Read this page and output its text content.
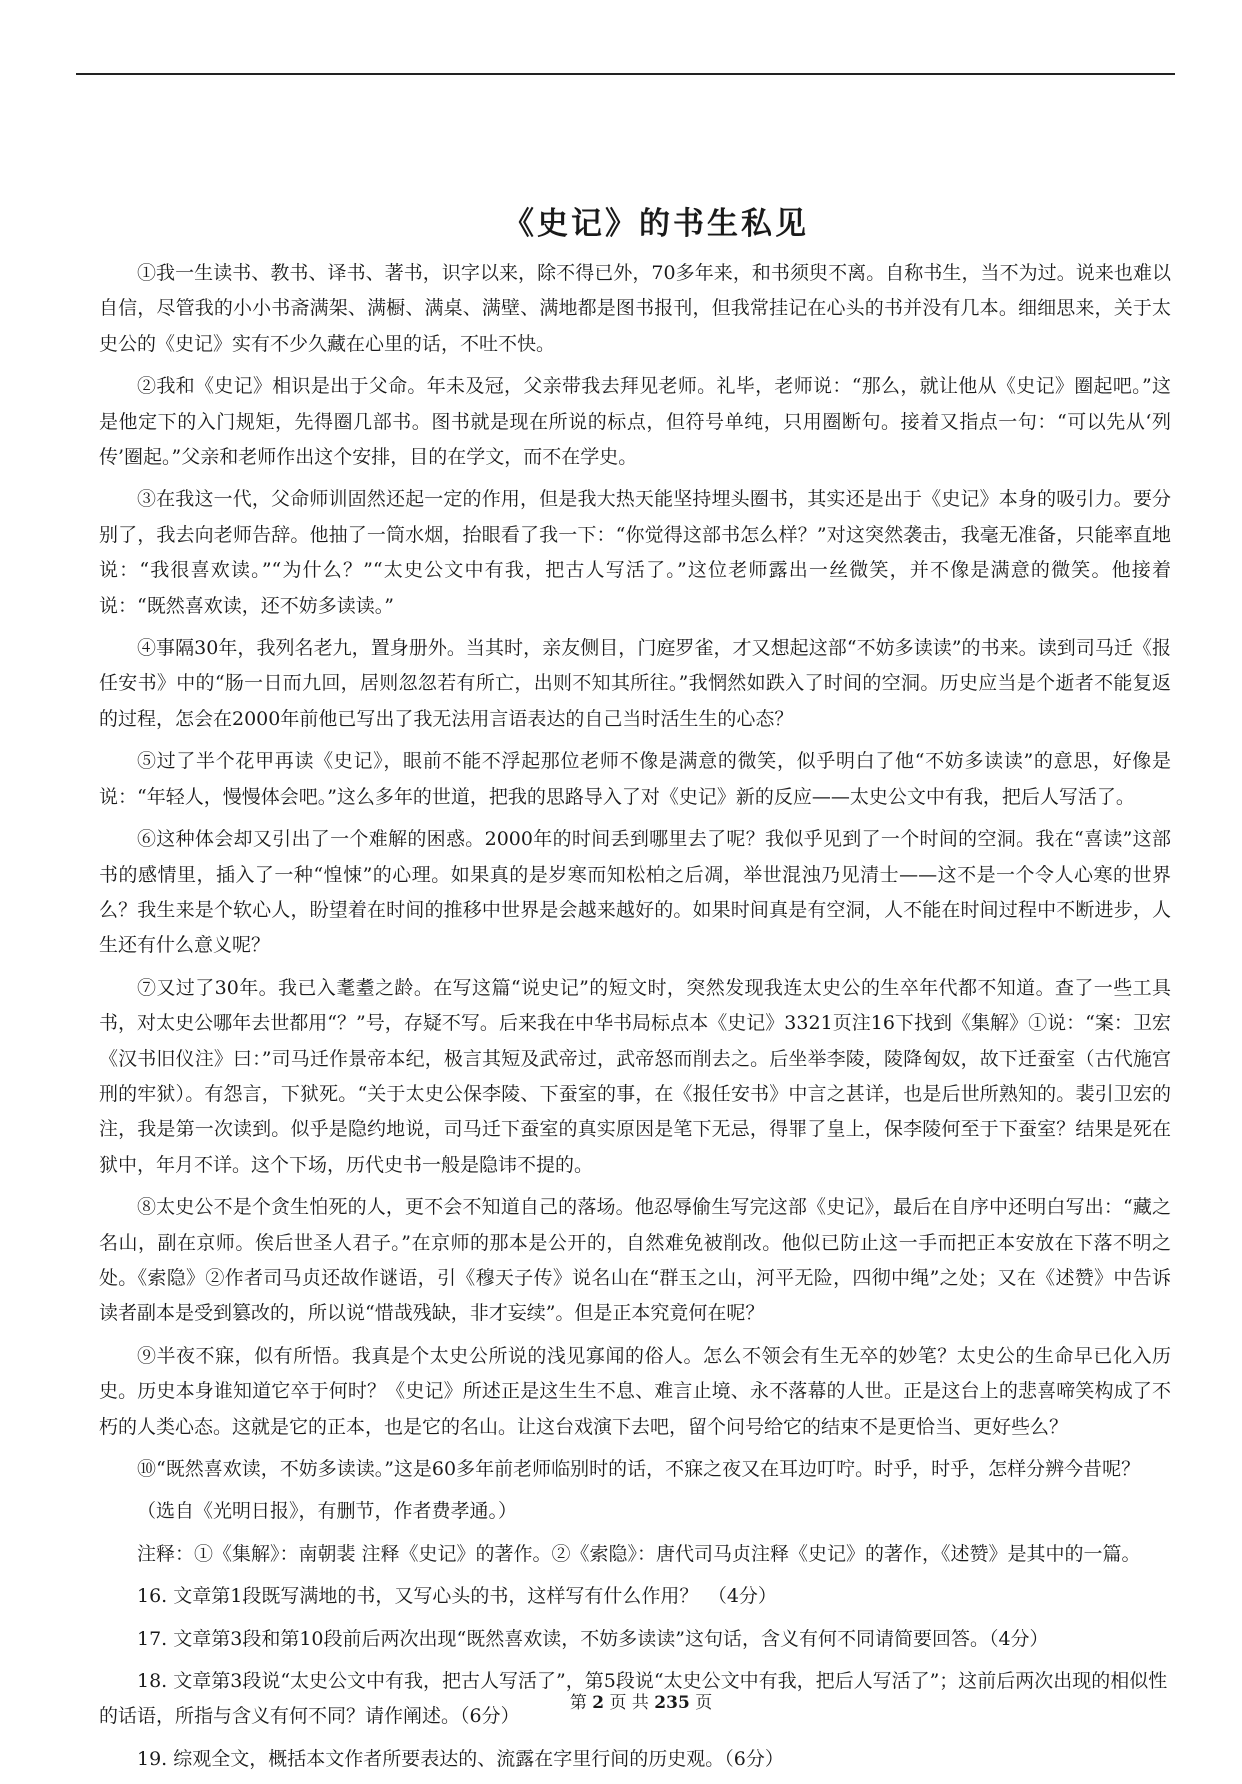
《史记》的书生私见

①我一生读书、教书、译书、著书，识字以来，除不得已外，70多年来，和书须臾不离。自称书生，当不为过。说来也难以自信，尽管我的小小书斋满架、满橱、满桌、满壁、满地都是图书报刊，但我常挂记在心头的书并没有几本。细细思来，关于太史公的《史记》实有不少久藏在心里的话，不吐不快。

②我和《史记》相识是出于父命。年未及冠，父亲带我去拜见老师。礼毕，老师说：“那么，就让他从《史记》圈起吧。”这是他定下的入门规矩，先得圈几部书。图书就是现在所说的标点，但符号单纯，只用圈断句。接着又指点一句：“可以先从‘列传’圈起。”父亲和老师作出这个安排，目的在学文，而不在学史。

③在我这一代，父命师训固然还起一定的作用，但是我大热天能坚持埋头圈书，其实还是出于《史记》本身的吸引力。要分别了，我去向老师告辞。他抽了一筒水烟，抬眼看了我一下：“你觉得这部书怎么样？”对这突然袭击，我毫无准备，只能率直地说：“我很喜欢读。”“为什么？”“太史公文中有我，把古人写活了。”这位老师露出一丝微笑，并不像是满意的微笑。他接着说：“既然喜欢读，还不妨多读读。”

④事隔30年，我列名老九，置身册外。当其时，亲友侧目，门庭罗雀，才又想起这部“不妨多读读”的书来。读到司马迁《报任安书》中的“肠一日而九回，居则忽忽若有所亡，出则不知其所往。”我惘然如跌入了时间的空洞。历史应当是个逝者不能复返的过程，怎会在2000年前他已写出了我无法用言语表达的自己当时活生生的心态？

⑤过了半个花甲再读《史记》，眼前不能不浮起那位老师不像是满意的微笑，似乎明白了他“不妨多读读”的意思，好像是说：“年轻人，慢慢体会吧。”这么多年的世道，把我的思路导入了对《史记》新的反应——太史公文中有我，把后人写活了。

⑥这种体会却又引出了一个难解的困惑。2000年的时间丢到哪里去了呢？我似乎见到了一个时间的空洞。我在“喜读”这部书的感情里，插入了一种“惶悚”的心理。如果真的是岁寒而知松柏之后凋，举世混浊乃见清士——这不是一个令人心寒的世界么？我生来是个软心人，盼望着在时间的推移中世界是会越来越好的。如果时间真是有空洞，人不能在时间过程中不断进步，人生还有什么意义呢？

⑦又过了30年。我已入耄耋之龄。在写这篇“说史记”的短文时，突然发现我连太史公的生卒年代都不知道。查了一些工具书，对太史公哪年去世都用“？”号，存疑不写。后来我在中华书局标点本《史记》3321页注16下找到《集解》①说：“案：卫宏《汉书旧仪注》曰：”司马迁作景帝本纪，极言其短及武帝过，武帝怒而削去之。后坐举李陵，陵降匈奴，故下迁蚕室（古代施宫刑的牢狱）。有怨言，下狱死。“关于太史公保李陵、下蚕室的事，在《报任安书》中言之甚详，也是后世所熟知的。裴引卫宏的注，我是第一次读到。似乎是隐约地说，司马迁下蚕室的真实原因是笔下无忌，得罪了皇上，保李陵何至于下蚕室？结果是死在狱中，年月不详。这个下场，历代史书一般是隐讳不提的。

⑧太史公不是个贪生怕死的人，更不会不知道自己的落场。他忍辱偷生写完这部《史记》，最后在自序中还明白写出：“藏之名山，副在京师。俟后世圣人君子。”在京师的那本是公开的，自然难免被削改。他似已防止这一手而把正本安放在下落不明之处。《索隐》②作者司马贞还故作谜语，引《穆天子传》说名山在“群玉之山，河平无险，四彻中绳”之处；又在《述赞》中告诉读者副本是受到篡改的，所以说“惜哉残缺，非才妄续”。但是正本究竟何在呢？

⑨半夜不寐，似有所悟。我真是个太史公所说的浅见寡闻的俗人。怎么不领会有生无卒的妙笔？太史公的生命早已化入历史。历史本身谁知道它卒于何时？《史记》所述正是这生生不息、难言止境、永不落幕的人世。正是这台上的悲喜啼笑构成了不朽的人类心态。这就是它的正本，也是它的名山。让这台戏演下去吧，留个问号给它的结束不是更恰当、更好些么？

⑩“既然喜欢读，不妨多读读。”这是60多年前老师临别时的话，不寐之夜又在耳边叮咛。时乎，时乎，怎样分辨今昔呢？

（选自《光明日报》，有删节，作者费孝通。）

注释：①《集解》：南朝裴 注释《史记》的著作。②《索隐》：唐代司马贞注释《史记》的著作，《述赞》是其中的一篇。

16. 文章第1段既写满地的书，又写心头的书，这样写有什么作用？　（4分）

17. 文章第3段和第10段前后两次出现“既然喜欢读，不妨多读读”这句话，含义有何不同请简要回答。（4分）

18. 文章第3段说“太史公文中有我，把古人写活了”，第5段说“太史公文中有我，把后人写活了”；这前后两次出现的相似性的话语，所指与含义有何不同？请作阐述。（6分）

19. 综观全文，概括本文作者所要表达的、流露在字里行间的历史观。（6分）

第 2 页 共 235 页
